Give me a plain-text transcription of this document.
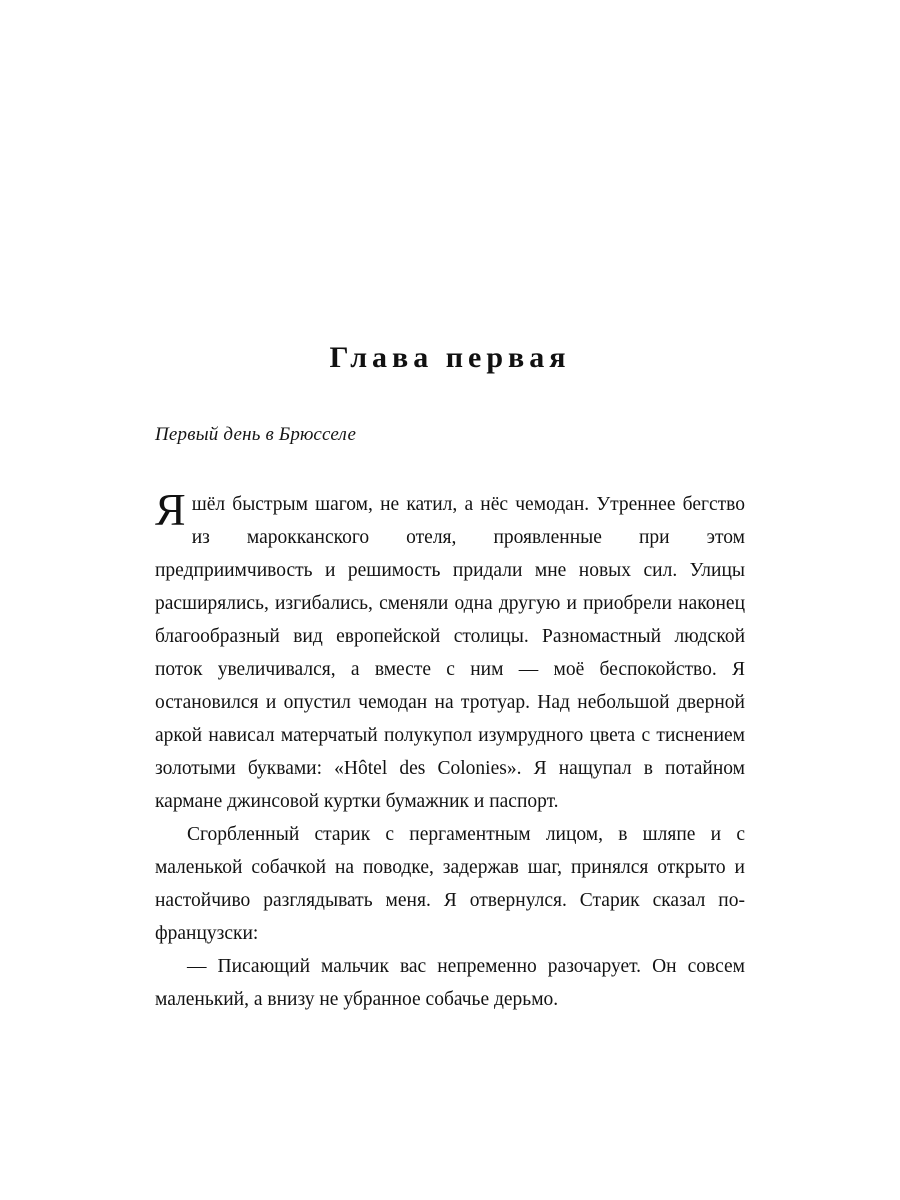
Глава первая
Первый день в Брюсселе

Я шёл быстрым шагом, не катил, а нёс чемодан. Утреннее бегство из марокканского отеля, проявленные при этом предприимчивость и решимость придали мне новых сил. Улицы расширялись, изгибались, сменяли одна другую и приобрели наконец благообразный вид европейской столицы. Разномастный людской поток увеличивался, а вместе с ним — моё беспокойство. Я остановился и опустил чемодан на тротуар. Над небольшой дверной аркой нависал матерчатый полукупол изумрудного цвета с тиснением золотыми буквами: «Hôtel des Colonies». Я нащупал в потайном кармане джинсовой куртки бумажник и паспорт.

Сгорбленный старик с пергаментным лицом, в шляпе и с маленькой собачкой на поводке, задержав шаг, принялся открыто и настойчиво разглядывать меня. Я отвернулся. Старик сказал по-французски:

— Писающий мальчик вас непременно разочарует. Он совсем маленький, а внизу не убранное собачье дерьмо.
